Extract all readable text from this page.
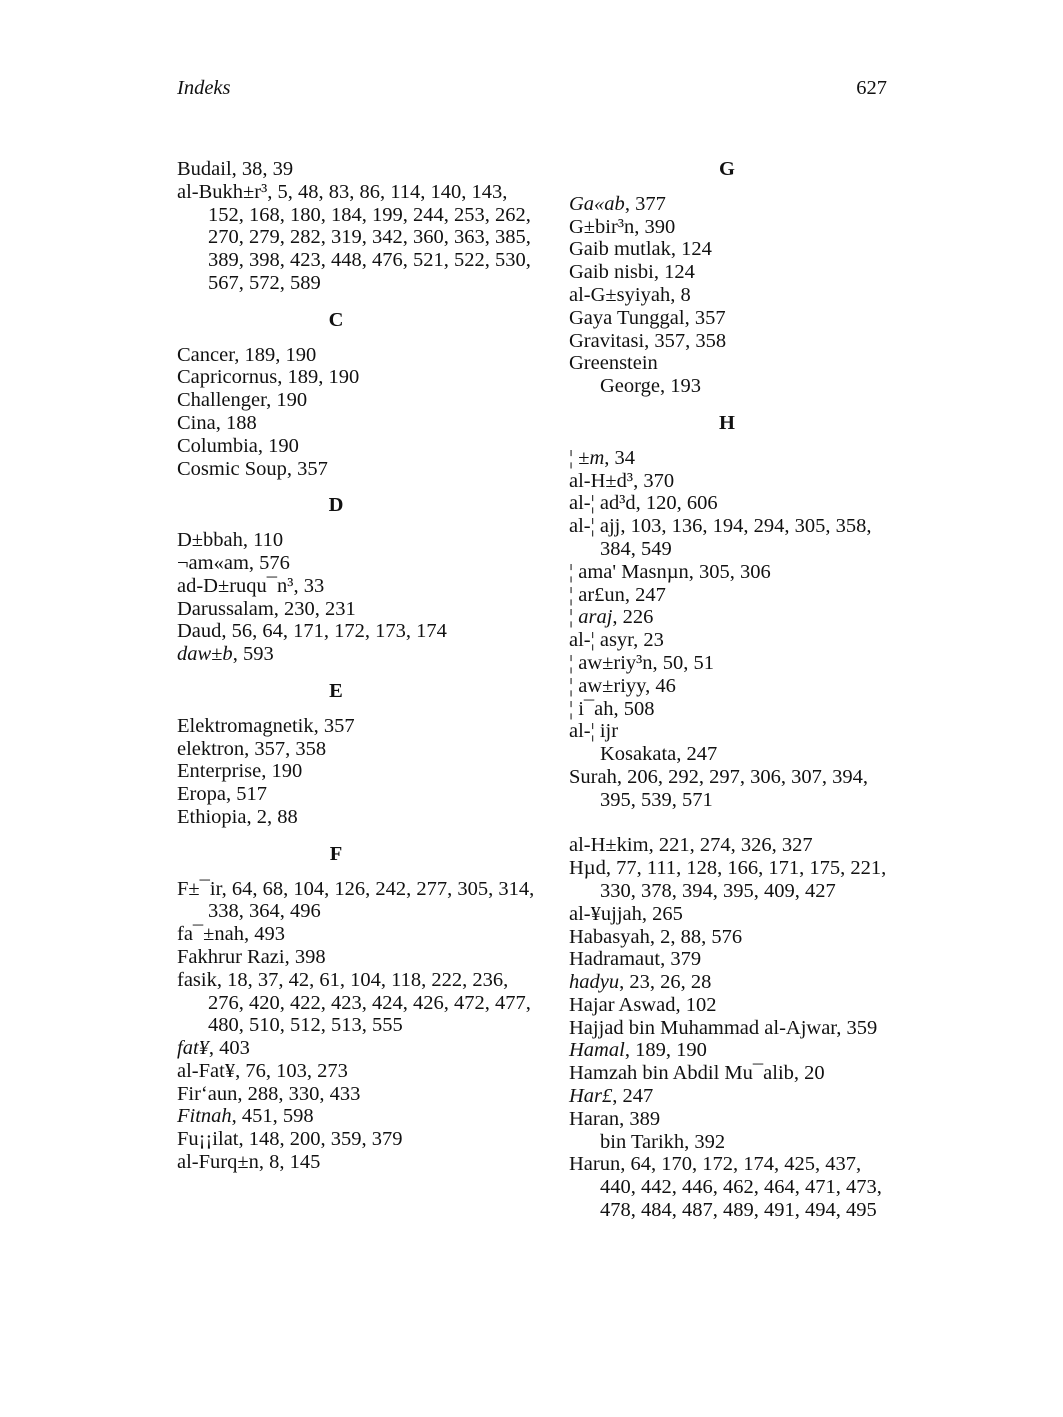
Indeks	627
Budail, 38, 39
al-Bukh±r³, 5, 48, 83, 86, 114, 140, 143, 152, 168, 180, 184, 199, 244, 253, 262, 270, 279, 282, 319, 342, 360, 363, 385, 389, 398, 423, 448, 476, 521, 522, 530, 567, 572, 589
C
Cancer, 189, 190
Capricornus, 189, 190
Challenger, 190
Cina, 188
Columbia, 190
Cosmic Soup, 357
D
D±bbah, 110
¬am«am, 576
ad-D±ruqu¯n³, 33
Darussalam, 230, 231
Daud, 56, 64, 171, 172, 173, 174
daw±b, 593
E
Elektromagnetik, 357
elektron, 357, 358
Enterprise, 190
Eropa, 517
Ethiopia, 2, 88
F
F±¯ir, 64, 68, 104, 126, 242, 277, 305, 314, 338, 364, 496
fa¯±nah, 493
Fakhrur Razi, 398
fasik, 18, 37, 42, 61, 104, 118, 222, 236, 276, 420, 422, 423, 424, 426, 472, 477, 480, 510, 512, 513, 555
fat¥, 403
al-Fat¥, 76, 103, 273
Fir‘aun, 288, 330, 433
Fitnah, 451, 598
Fu¡¡ilat, 148, 200, 359, 379
al-Furq±n, 8, 145
G
Ga«ab, 377
G±bir³n, 390
Gaib mutlak, 124
Gaib nisbi, 124
al-G±syiyah, 8
Gaya Tunggal, 357
Gravitasi, 357, 358
Greenstein
George, 193
H
¦ ±m, 34
al-H±d³, 370
al-¦ ad³d, 120, 606
al-¦ ajj, 103, 136, 194, 294, 305, 358, 384, 549
¦ ama' Masnµn, 305, 306
¦ ar£un, 247
¦ araj, 226
al-¦ asyr, 23
¦ aw±riy³n, 50, 51
¦ aw±riyy, 46
¦ i¯ah, 508
al-¦ ijr
Kosakata, 247
Surah, 206, 292, 297, 306, 307, 394, 395, 539, 571
al-H±kim, 221, 274, 326, 327
Hµd, 77, 111, 128, 166, 171, 175, 221, 330, 378, 394, 395, 409, 427
al-¥ujjah, 265
Habasyah, 2, 88, 576
Hadramaut, 379
hadyu, 23, 26, 28
Hajar Aswad, 102
Hajjad bin Muhammad al-Ajwar, 359
Hamal, 189, 190
Hamzah bin Abdil Mu¯alib, 20
Har£, 247
Haran, 389
bin Tarikh, 392
Harun, 64, 170, 172, 174, 425, 437, 440, 442, 446, 462, 464, 471, 473, 478, 484, 487, 489, 491, 494, 495
